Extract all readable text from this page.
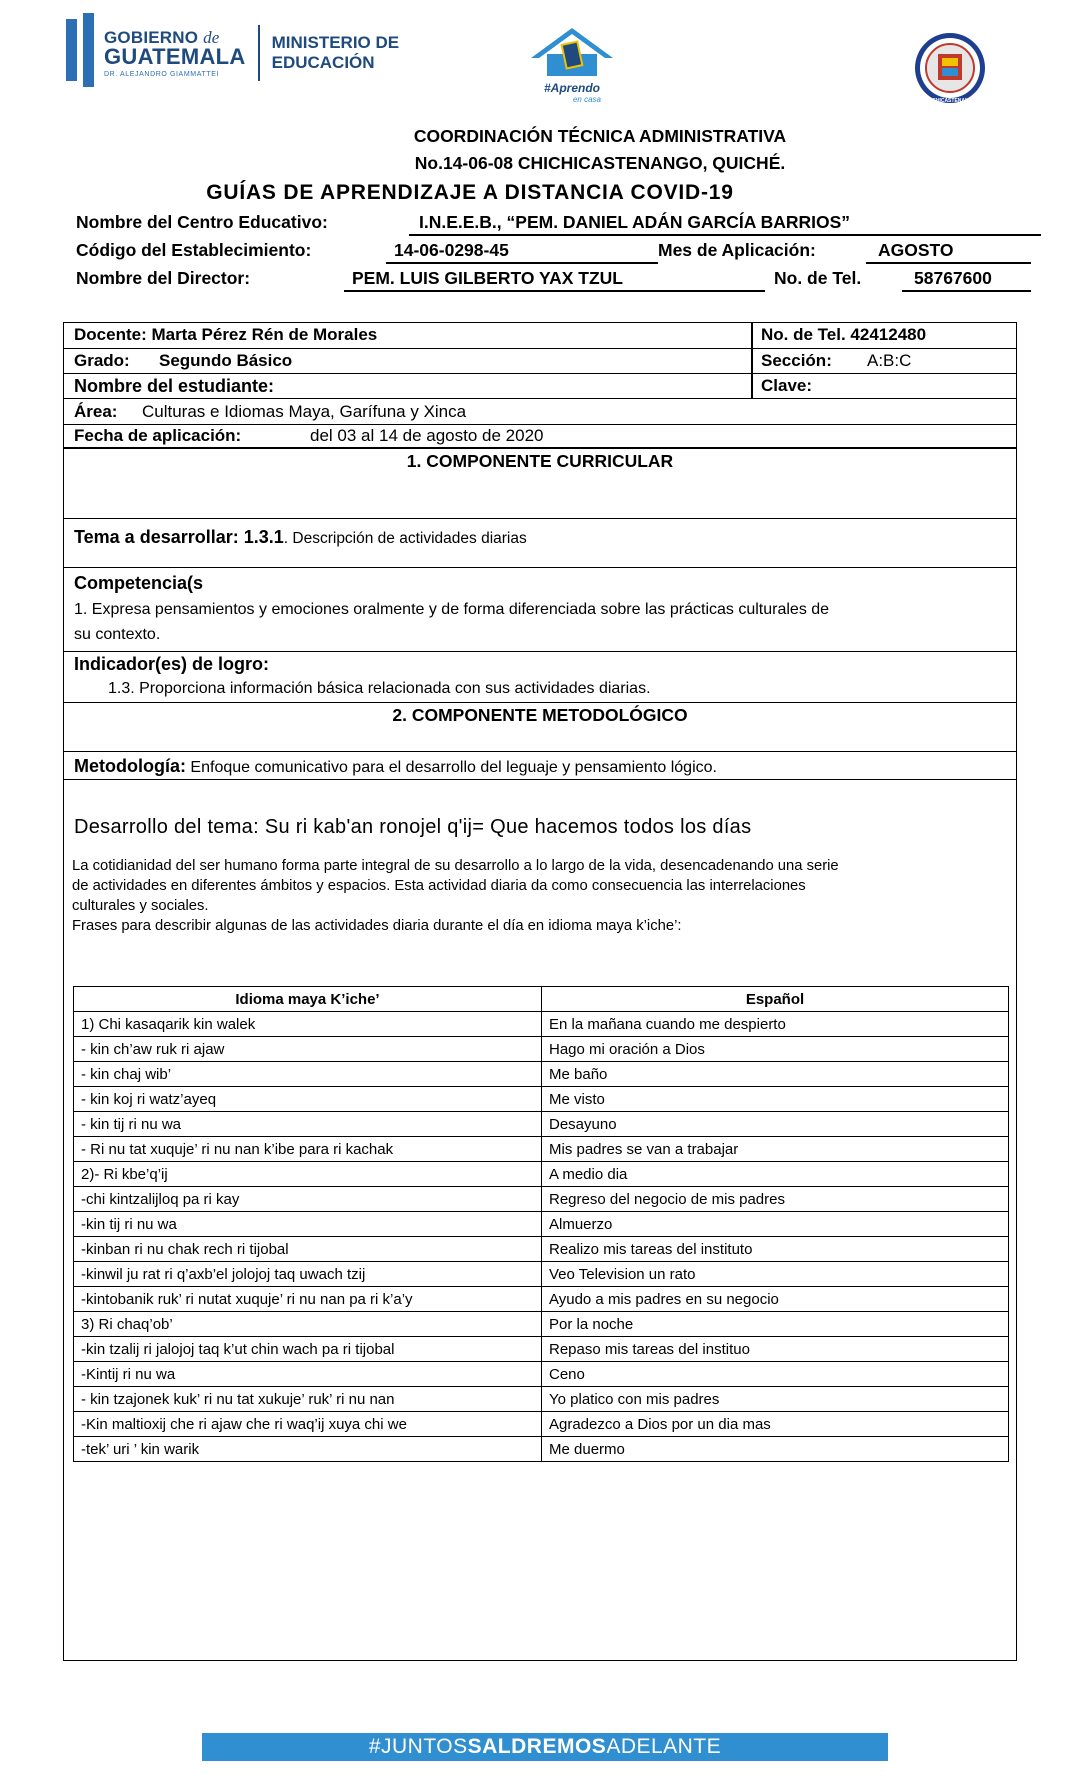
GOBIERNO de
GUATEMALA
DR. ALEJANDRO GIAMMATTEI
MINISTERIO DE
EDUCACIÓN
#Aprendo
en casa	CHICHICASTENANGO
COORDINACIÓN TÉCNICA ADMINISTRATIVA
No.14-06-08 CHICHICASTENANGO, QUICHÉ.
GUÍAS DE APRENDIZAJE A DISTANCIA COVID-19
Nombre del Centro Educativo:	I.N.E.E.B., “PEM. DANIEL ADÁN GARCÍA BARRIOS”
Código del Establecimiento:	14-06-0298-45	Mes de Aplicación:	AGOSTO
Nombre del Director:	PEM. LUIS GILBERTO YAX TZUL	No. de Tel.	58767600
Docente: Marta Pérez Rén de Morales	No. de Tel. 42412480
Grado: Segundo Básico	Sección: A:B:C
Nombre del estudiante:	Clave:
Área: Culturas e Idiomas Maya, Garífuna y Xinca
Fecha de aplicación:	del 03 al 14 de agosto de 2020
1. COMPONENTE CURRICULAR
Tema a desarrollar: 1.3.1. Descripción de actividades diarias
Competencia(s
1. Expresa pensamientos y emociones oralmente y de forma diferenciada sobre las prácticas culturales de
su contexto.
Indicador(es) de logro:
1.3. Proporciona información básica relacionada con sus actividades diarias.
2. COMPONENTE METODOLÓGICO
Metodología: Enfoque comunicativo para el desarrollo del leguaje y pensamiento lógico.
Desarrollo del tema: Su ri kab'an ronojel q'ij= Que hacemos todos los días
La cotidianidad del ser humano forma parte integral de su desarrollo a lo largo de la vida, desencadenando una serie
de actividades en diferentes ámbitos y espacios. Esta actividad diaria da como consecuencia las interrelaciones
culturales y sociales.
Frases para describir algunas de las actividades diaria durante el día en idioma maya k’iche’:
Idioma maya K’iche’	Español
1) Chi kasaqarik kin walek	En la mañana cuando me despierto
- kin ch’aw ruk ri ajaw	Hago mi oración a Dios
- kin chaj wib’	Me baño
- kin koj ri watz’ayeq	Me visto
- kin tij ri nu wa	Desayuno
- Ri nu tat xuquje’ ri nu nan k’ibe para ri kachak	Mis padres se van a trabajar
2)- Ri kbe’q’ij	A medio dia
-chi kintzalijloq pa ri kay	Regreso del negocio de mis padres
-kin tij ri nu wa	Almuerzo
-kinban ri nu chak rech ri tijobal	Realizo mis tareas del instituto
-kinwil ju rat ri q’axb’el jolojoj taq uwach tzij	Veo Television un rato
-kintobanik ruk’ ri nutat xuquje’ ri nu nan pa ri k’a’y	Ayudo a mis padres en su negocio
3) Ri chaq’ob’	Por la noche
-kin tzalij ri jalojoj taq k’ut chin wach pa ri tijobal	Repaso mis tareas del instituo
-Kintij ri nu wa	Ceno
- kin tzajonek kuk’ ri nu tat xukuje’ ruk’ ri nu nan	Yo platico con mis padres
-Kin maltioxij che ri ajaw che ri waq’ij xuya chi we	Agradezco a Dios por un dia mas
-tek’ uri ’ kin warik	Me duermo
#JUNTOSSALDREMOSADELANTE
